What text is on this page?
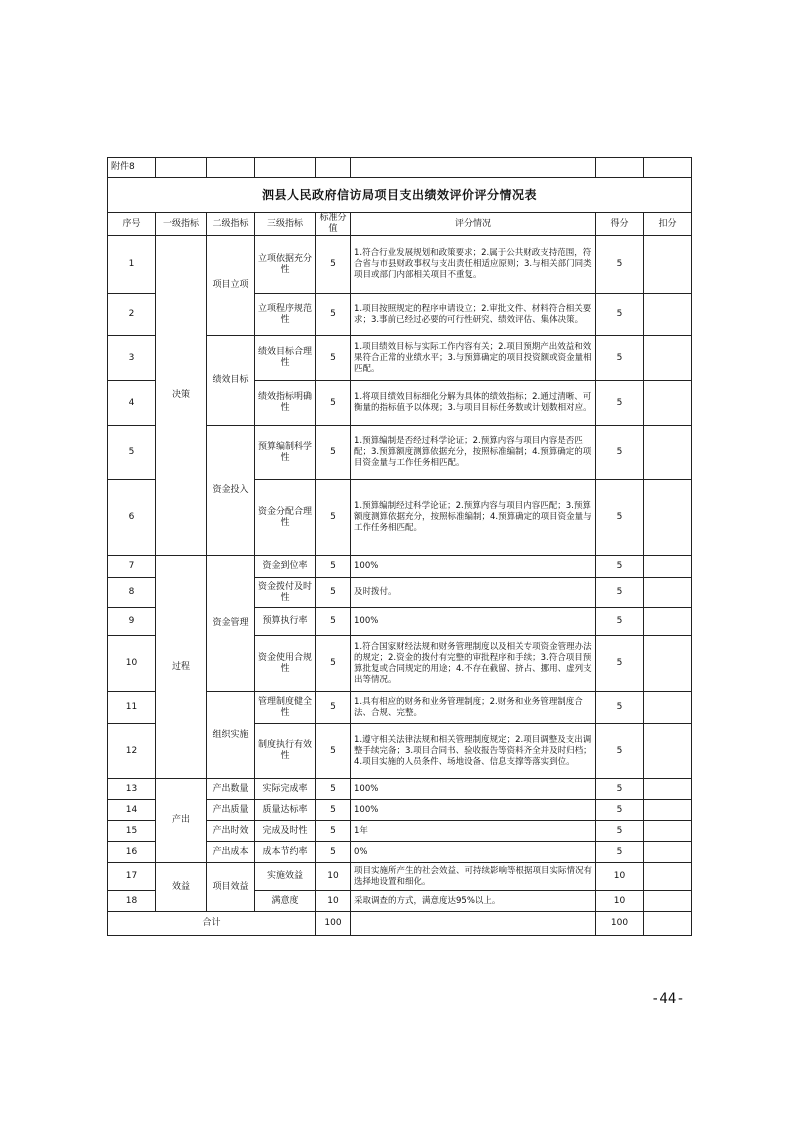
附件8							
泗县人民政府信访局项目支出绩效评价评分情况表							
序号	一级指标	二级指标	三级指标	标准分值	评分情况	得分	扣分
1	决策	项目立项	立项依据充分性	5	1.符合行业发展规划和政策要求；2.属于公共财政支持范围，符合省与市县财政事权与支出责任相适应原则；3.与相关部门同类项目或部门内部相关项目不重复。	5	
2			立项程序规范性	5	1.项目按照规定的程序申请设立；2.审批文件、材料符合相关要求；3.事前已经过必要的可行性研究、绩效评估、集体决策。	5	
3		绩效目标	绩效目标合理性	5	1.项目绩效目标与实际工作内容有关；2.项目预期产出效益和效果符合正常的业绩水平；3.与预算确定的项目投资额或资金量相匹配。	5	
4			绩效指标明确性	5	1.将项目绩效目标细化分解为具体的绩效指标；2.通过清晰、可衡量的指标值予以体现；3.与项目目标任务数或计划数相对应。	5	
5		资金投入	预算编制科学性	5	1.预算编制是否经过科学论证；2.预算内容与项目内容是否匹配；3.预算额度测算依据充分，按照标准编制；4.预算确定的项目资金量与工作任务相匹配。	5	
6			资金分配合理性	5	1.预算编制经过科学论证；2.预算内容与项目内容匹配；3.预算额度测算依据充分，按照标准编制；4.预算确定的项目资金量与工作任务相匹配。	5	
7	过程	资金管理	资金到位率	5	100%	5	
8			资金拨付及时性	5	及时拨付。	5	
9			预算执行率	5	100%	5	
10			资金使用合规性	5	1.符合国家财经法规和财务管理制度以及相关专项资金管理办法的规定；2.资金的拨付有完整的审批程序和手续；3.符合项目预算批复或合同规定的用途；4.不存在截留、挤占、挪用、虚列支出等情况。	5	
11		组织实施	管理制度健全性	5	1.具有相应的财务和业务管理制度；2.财务和业务管理制度合法、合规、完整。	5	
12			制度执行有效性	5	1.遵守相关法律法规和相关管理制度规定；2.项目调整及支出调整手续完备；3.项目合同书、验收报告等资料齐全并及时归档；4.项目实施的人员条件、场地设备、信息支撑等落实到位。	5	
13	产出	产出数量	实际完成率	5	100%	5	
14		产出质量	质量达标率	5	100%	5	
15		产出时效	完成及时性	5	1年	5	
16		产出成本	成本节约率	5	0%	5	
17	效益	项目效益	实施效益	10	项目实施所产生的社会效益、可持续影响等根据项目实际情况有选择地设置和细化。	10	
18			满意度	10	采取调查的方式，满意度达95%以上。	10	
合计				100		100	
-44-
